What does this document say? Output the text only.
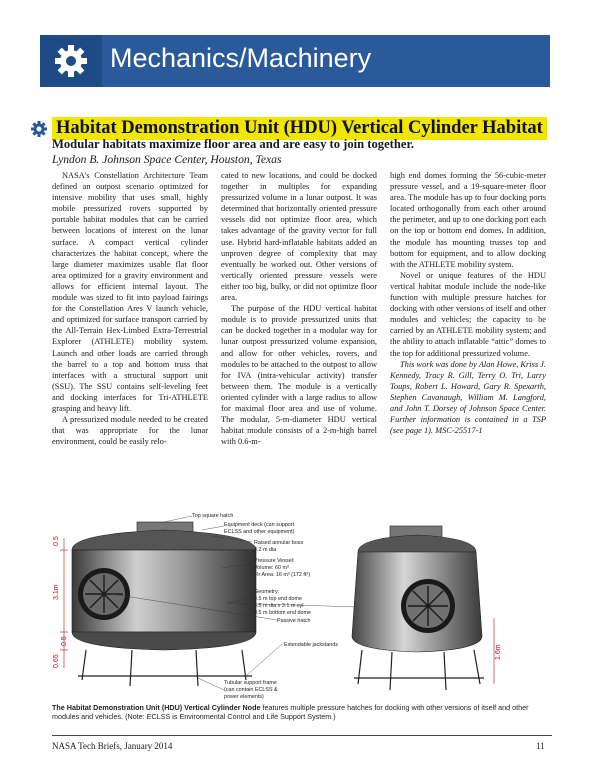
Mechanics/Machinery
Habitat Demonstration Unit (HDU) Vertical Cylinder Habitat
Modular habitats maximize floor area and are easy to join together.
Lyndon B. Johnson Space Center, Houston, Texas

NASA's Constellation Architecture Team defined an outpost scenario optimized for intensive mobility that uses small, highly mobile pressurized rovers supported by portable habitat modules that can be carried between locations of interest on the lunar surface. A compact vertical cylinder characterizes the habitat concept, where the large diameter maximizes usable flat floor area optimized for a gravity environment and allows for efficient internal layout. The module was sized to fit into payload fairings for the Constellation Ares V launch vehicle, and optimized for surface transport carried by the All-Terrain Hex-Limbed Extra-Terrestrial Explorer (ATHLETE) mobility system. Launch and other loads are carried through the barrel to a top and bottom truss that interfaces with a structural support unit (SSU). The SSU contains self-leveling feet and docking interfaces for Tri-ATHLETE grasping and heavy lift.

A pressurized module needed to be created that was appropriate for the lunar environment, could be easily relo-

cated to new locations, and could be docked together in multiples for expanding pressurized volume in a lunar outpost. It was determined that horizontally oriented pressure vessels did not optimize floor area, which takes advantage of the gravity vector for full use. Hybrid hard-inflatable habitats added an unproven degree of complexity that may eventually be worked out. Other versions of vertically oriented pressure vessels were either too big, bulky, or did not optimize floor area.

The purpose of the HDU vertical habitat module is to provide pressurized units that can be docked together in a modular way for lunar outpost pressurized volume expansion, and allow for other vehicles, rovers, and modules to be attached to the outpost to allow for IVA (intra-vehicular activity) transfer between them. The module is a vertically oriented cylinder with a large radius to allow for maximal floor area and use of volume. The modular, 5-m-diameter HDU vertical habitat module consists of a 2-m-high barrel with 0.6-m-

high end domes forming the 56-cubic-meter pressure vessel, and a 19-square-meter floor area. The module has up to four docking ports located orthogonally from each other around the perimeter, and up to one docking port each on the top or bottom end domes. In addition, the module has mounting trusses top and bottom for equipment, and to allow docking with the ATHLETE mobility system.

Novel or unique features of the HDU vertical habitat module include the node-like function with multiple pressure hatches for docking with other versions of itself and other modules and vehicles; the capacity to be carried by an ATHLETE mobility system; and the ability to attach inflatable “attic” domes to the top for additional pressurized volume.

This work was done by Alan Howe, Kriss J. Kennedy, Tracy R. Gill, Terry O. Tri, Larry Toups, Robert L. Howard, Gary R. Spexarth, Stephen Cavanaugh, William M. Langford, and John T. Dorsey of Johnson Space Center. Further information is contained in a TSP (see page 1). MSC-25517-1

0.5
3.1m
0.65
0.5
Top square hatch
Equipment deck (can support
ECLSS and other equipment)
Raised annular boss
4.2 m dia
Pressure Vessel:
Volume: 60 m³
Flr Area: 16 m² (172 ft²)
Geometry:
0.5 m top end dome
4.5 m dia x 3.1 m cyl
0.5 m bottom end dome
Passive hatch
Extendable jackstands
Tubular support frame
(can contain ECLSS &
power elements)
1.6m
The Habitat Demonstration Unit (HDU) Vertical Cylinder Node features multiple pressure hatches for docking with other versions of itself and other modules and vehicles. (Note: ECLSS is Environmental Control and Life Support System.)
NASA Tech Briefs, January 2014	11
